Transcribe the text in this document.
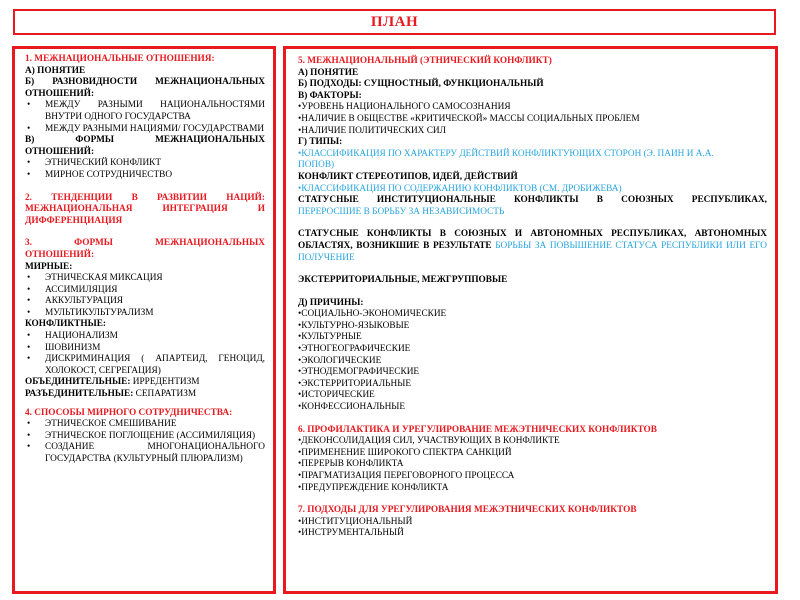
ПЛАН
1. МЕЖНАЦИОНАЛЬНЫЕ ОТНОШЕНИЯ:
А) ПОНЯТИЕ
Б) РАЗНОВИДНОСТИ МЕЖНАЦИОНАЛЬНЫХ
ОТНОШЕНИЙ:
• МЕЖДУ РАЗНЫМИ НАЦИОНАЛЬНОСТЯМИ ВНУТРИ ОДНОГО ГОСУДАРСТВА
• МЕЖДУ РАЗНЫМИ НАЦИЯМИ/ ГОСУДАРСТВАМИ
В) ФОРМЫ МЕЖНАЦИОНАЛЬНЫХ
ОТНОШЕНИЙ:
• ЭТНИЧЕСКИЙ КОНФЛИКТ
• МИРНОЕ СОТРУДНИЧЕСТВО
2. ТЕНДЕНЦИИ В РАЗВИТИИ НАЦИЙ: МЕЖНАЦИОНАЛЬНАЯ ИНТЕГРАЦИЯ И ДИФФЕРЕНЦИАЦИЯ
3. ФОРМЫ МЕЖНАЦИОНАЛЬНЫХ
ОТНОШЕНИЙ:
МИРНЫЕ:
• ЭТНИЧЕСКАЯ МИКСАЦИЯ
• АССИМИЛЯЦИЯ
• АККУЛЬТУРАЦИЯ
• МУЛЬТИКУЛЬТУРАЛИЗМ
КОНФЛИКТНЫЕ:
• НАЦИОНАЛИЗМ
• ШОВИНИЗМ
• ДИСКРИМИНАЦИЯ ( АПАРТЕИД, ГЕНОЦИД, ХОЛОКОСТ, СЕГРЕГАЦИЯ)
ОБЪЕДИНИТЕЛЬНЫЕ: ИРРЕДЕНТИЗМ
РАЗЪЕДИНИТЕЛЬНЫЕ: СЕПАРАТИЗМ
4. СПОСОБЫ МИРНОГО СОТРУДНИЧЕСТВА:
• ЭТНИЧЕСКОЕ СМЕШИВАНИЕ
• ЭТНИЧЕСКОЕ ПОГЛОЩЕНИЕ (АССИМИЛЯЦИЯ)
• СОЗДАНИЕ МНОГОНАЦИОНАЛЬНОГО ГОСУДАРСТВА (КУЛЬТУРНЫЙ ПЛЮРАЛИЗМ)
5. МЕЖНАЦИОНАЛЬНЫЙ (ЭТНИЧЕСКИЙ КОНФЛИКТ)
А) ПОНЯТИЕ
Б) ПОДХОДЫ: СУЩНОСТНЫЙ, ФУНКЦИОНАЛЬНЫЙ
В) ФАКТОРЫ:
• УРОВЕНЬ НАЦИОНАЛЬНОГО САМОСОЗНАНИЯ
• НАЛИЧИЕ В ОБЩЕСТВЕ «КРИТИЧЕСКОЙ» МАССЫ СОЦИАЛЬНЫХ ПРОБЛЕМ
• НАЛИЧИЕ ПОЛИТИЧЕСКИХ СИЛ
Г) ТИПЫ:
• КЛАССИФИКАЦИЯ ПО ХАРАКТЕРУ ДЕЙСТВИЙ КОНФЛИКТУЮЩИХ СТОРОН (Э. ПАИН И А.А.
ПОПОВ)
КОНФЛИКТ СТЕРЕОТИПОВ, ИДЕЙ, ДЕЙСТВИЙ
• КЛАССИФИКАЦИЯ ПО СОДЕРЖАНИЮ КОНФЛИКТОВ (СМ. ДРОБИЖЕВА)
СТАТУСНЫЕ ИНСТИТУЦИОНАЛЬНЫЕ КОНФЛИКТЫ В СОЮЗНЫХ РЕСПУБЛИКАХ,
ПЕРЕРОСШИЕ В БОРЬБУ ЗА НЕЗАВИСИМОСТЬ
СТАТУСНЫЕ КОНФЛИКТЫ В СОЮЗНЫХ И АВТОНОМНЫХ РЕСПУБЛИКАХ, АВТОНОМНЫХ ОБЛАСТЯХ, ВОЗНИКШИЕ В РЕЗУЛЬТАТЕ БОРЬБЫ ЗА ПОВЫШЕНИЕ СТАТУСА РЕСПУБЛИКИ ИЛИ ЕГО ПОЛУЧЕНИЕ
ЭКСТЕРРИТОРИАЛЬНЫЕ, МЕЖГРУППОВЫЕ
Д) ПРИЧИНЫ:
• СОЦИАЛЬНО-ЭКОНОМИЧЕСКИЕ
• КУЛЬТУРНО-ЯЗЫКОВЫЕ
• КУЛЬТУРНЫЕ
• ЭТНОГЕОГРАФИЧЕСКИЕ
• ЭКОЛОГИЧЕСКИЕ
• ЭТНОДЕМОГРАФИЧЕСКИЕ
• ЭКСТЕРРИТОРИАЛЬНЫЕ
• ИСТОРИЧЕСКИЕ
• КОНФЕССИОНАЛЬНЫЕ
6. ПРОФИЛАКТИКА И УРЕГУЛИРОВАНИЕ МЕЖЭТНИЧЕСКИХ КОНФЛИКТОВ
• ДЕКОНСОЛИДАЦИЯ СИЛ, УЧАСТВУЮЩИХ В КОНФЛИКТЕ
• ПРИМЕНЕНИЕ ШИРОКОГО СПЕКТРА САНКЦИЙ
• ПЕРЕРЫВ КОНФЛИКТА
• ПРАГМАТИЗАЦИЯ ПЕРЕГОВОРНОГО ПРОЦЕССА
• ПРЕДУПРЕЖДЕНИЕ КОНФЛИКТА
7. ПОДХОДЫ ДЛЯ УРЕГУЛИРОВАНИЯ МЕЖЭТНИЧЕСКИХ КОНФЛИКТОВ
• ИНСТИТУЦИОНАЛЬНЫЙ
• ИНСТРУМЕНТАЛЬНЫЙ
